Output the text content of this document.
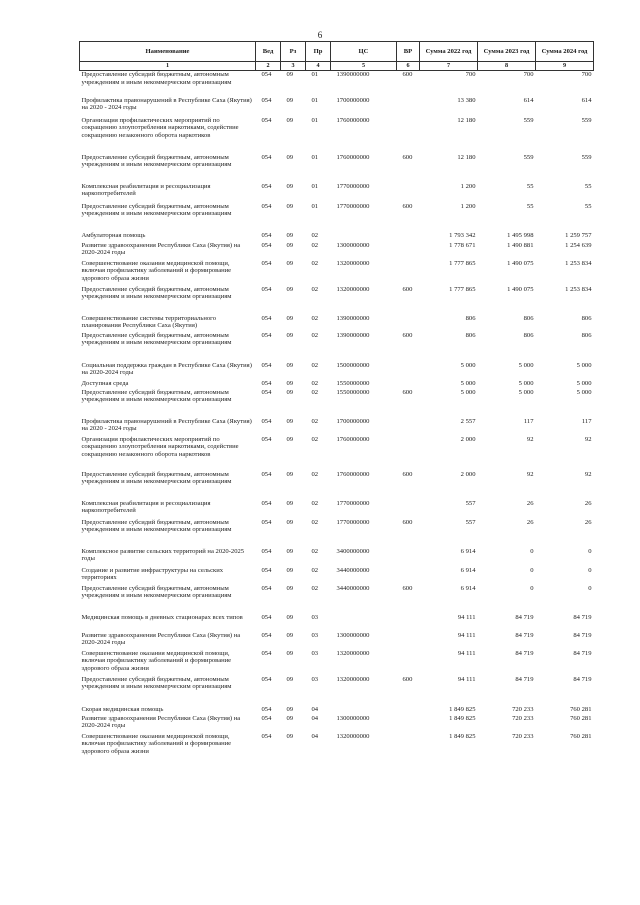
6
Наименование	Вед	Рз	Пр	ЦС	ВР	Сумма 2022 год	Сумма 2023 год	Сумма 2024 год
1	2	3	4	5	6	7	8	9
Предоставление субсидий бюджетным, автономным учреждениям и иным некоммерческим организациям	054	09	01	1390000000	600	700	700	700
Профилактика правонарушений в Республике Саха (Якутия) на 2020 - 2024 годы	054	09	01	1700000000		13 380	614	614
Организация профилактических мероприятий по сокращению злоупотребления наркотиками, содействие сокращению незаконного оборота наркотиков	054	09	01	1760000000		12 180	559	559
Предоставление субсидий бюджетным, автономным учреждениям и иным некоммерческим организациям	054	09	01	1760000000	600	12 180	559	559
Комплексная реабилитация и ресоциализация наркопотребителей	054	09	01	1770000000		1 200	55	55
Предоставление субсидий бюджетным, автономным учреждениям и иным некоммерческим организациям	054	09	01	1770000000	600	1 200	55	55
Амбулаторная помощь	054	09	02			1 793 342	1 495 998	1 259 757
Развитие здравоохранения Республики Саха (Якутия) на 2020-2024 годы	054	09	02	1300000000		1 778 671	1 490 881	1 254 639
Совершенствование оказания медицинской помощи, включая профилактику заболеваний и формирование здорового образа жизни	054	09	02	1320000000		1 777 865	1 490 075	1 253 834
Предоставление субсидий бюджетным, автономным учреждениям и иным некоммерческим организациям	054	09	02	1320000000	600	1 777 865	1 490 075	1 253 834
Совершенствование системы территориального планирования Республики Саха (Якутия)	054	09	02	1390000000		806	806	806
Предоставление субсидий бюджетным, автономным учреждениям и иным некоммерческим организациям	054	09	02	1390000000	600	806	806	806
Социальная поддержка граждан в Республике Саха (Якутия) на 2020-2024 годы	054	09	02	1500000000		5 000	5 000	5 000
Доступная среда	054	09	02	1550000000		5 000	5 000	5 000
Предоставление субсидий бюджетным, автономным учреждениям и иным некоммерческим организациям	054	09	02	1550000000	600	5 000	5 000	5 000
Профилактика правонарушений в Республике Саха (Якутия) на 2020 - 2024 годы	054	09	02	1700000000		2 557	117	117
Организация профилактических мероприятий по сокращению злоупотребления наркотиками, содействие сокращению незаконного оборота наркотиков	054	09	02	1760000000		2 000	92	92
Предоставление субсидий бюджетным, автономным учреждениям и иным некоммерческим организациям	054	09	02	1760000000	600	2 000	92	92
Комплексная реабилитация и ресоциализация наркопотребителей	054	09	02	1770000000		557	26	26
Предоставление субсидий бюджетным, автономным учреждениям и иным некоммерческим организациям	054	09	02	1770000000	600	557	26	26
Комплексное развитие сельских территорий на 2020-2025 годы	054	09	02	3400000000		6 914	0	0
Создание и развитие инфраструктуры на сельских территориях	054	09	02	3440000000		6 914	0	0
Предоставление субсидий бюджетным, автономным учреждениям и иным некоммерческим организациям	054	09	02	3440000000	600	6 914	0	0
Медицинская помощь в дневных стационарах всех типов	054	09	03			94 111	84 719	84 719
Развитие здравоохранения Республики Саха (Якутия) на 2020-2024 годы	054	09	03	1300000000		94 111	84 719	84 719
Совершенствование оказания медицинской помощи, включая профилактику заболеваний и формирование здорового образа жизни	054	09	03	1320000000		94 111	84 719	84 719
Предоставление субсидий бюджетным, автономным учреждениям и иным некоммерческим организациям	054	09	03	1320000000	600	94 111	84 719	84 719
Скорая медицинская помощь	054	09	04			1 849 825	720 233	760 281
Развитие здравоохранения Республики Саха (Якутия) на 2020-2024 годы	054	09	04	1300000000		1 849 825	720 233	760 281
Совершенствование оказания медицинской помощи, включая профилактику заболеваний и формирование здорового образа жизни	054	09	04	1320000000		1 849 825	720 233	760 281
